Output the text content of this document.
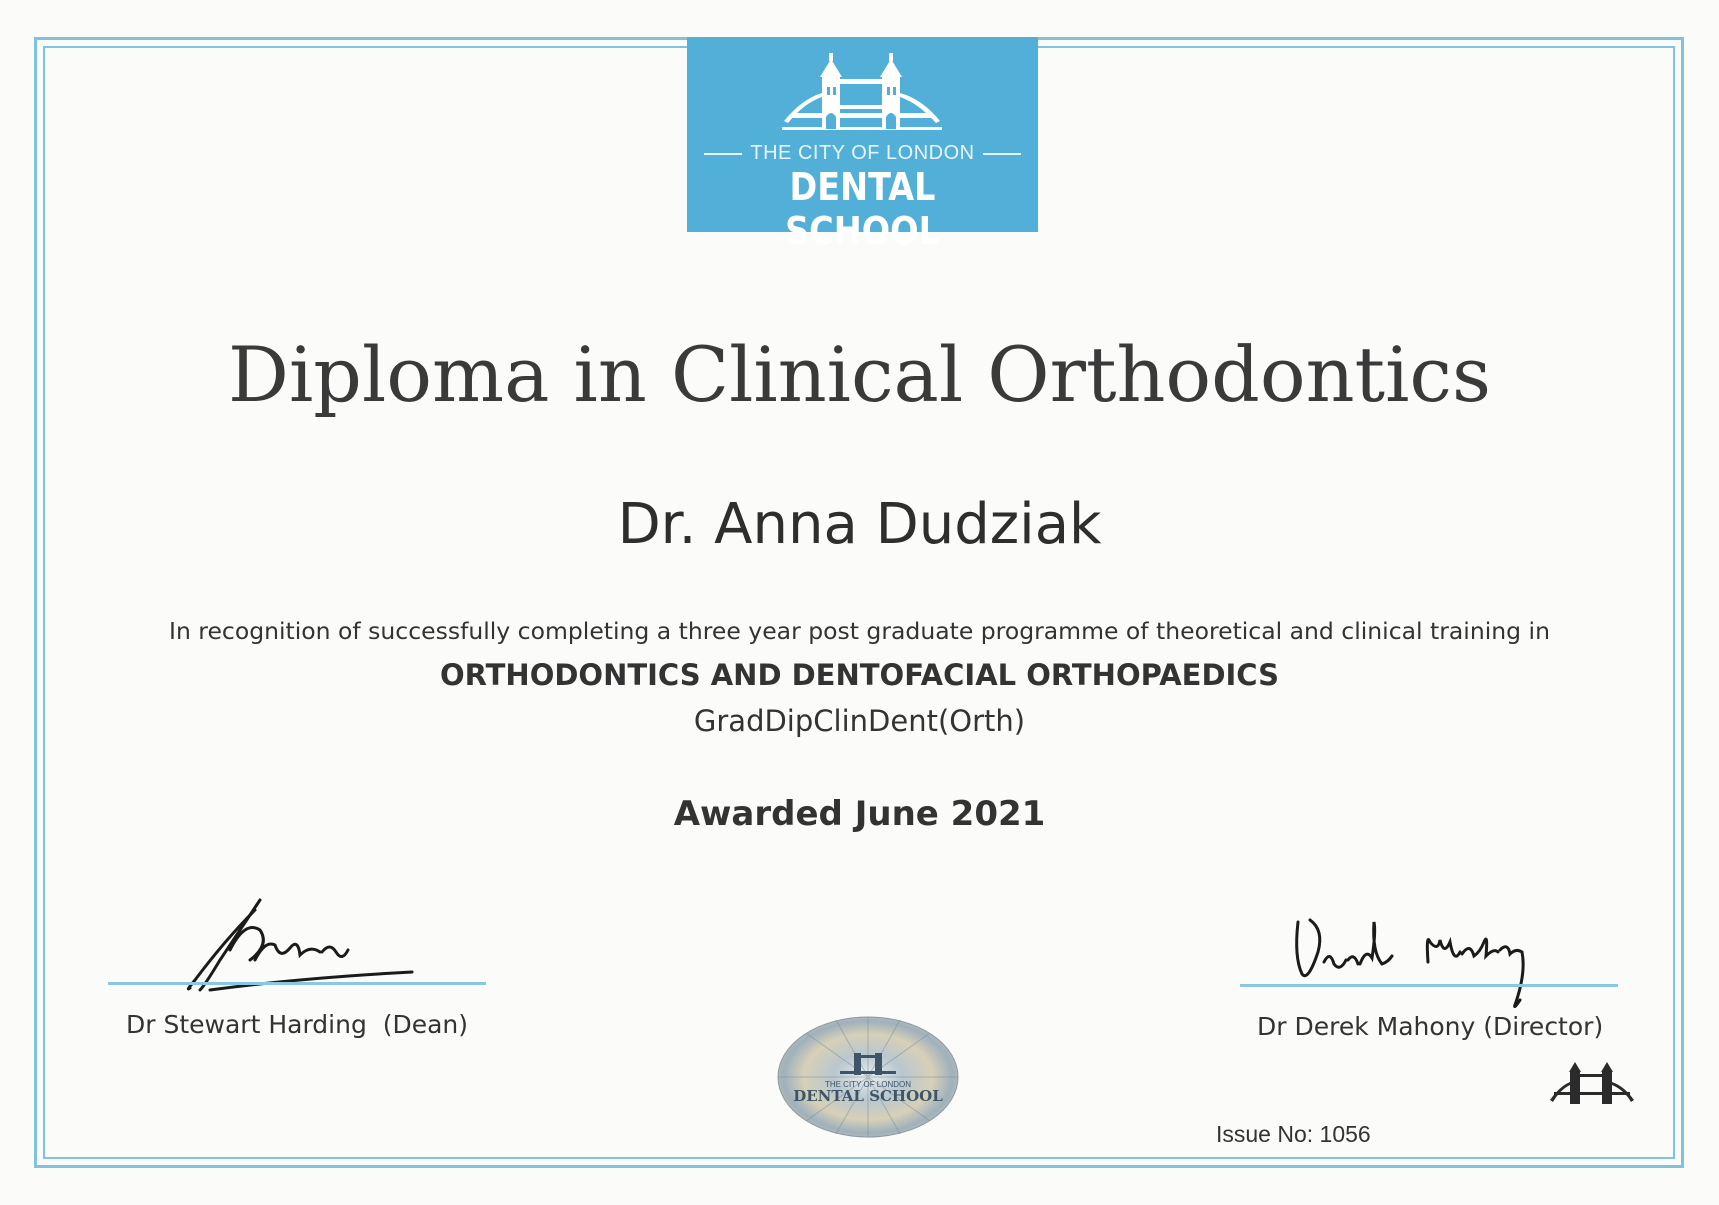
THE CITY OF LONDON
DENTAL SCHOOL
Diploma in Clinical Orthodontics
Dr. Anna Dudziak
In recognition of successfully completing a three year post graduate programme of theoretical and clinical training in
ORTHODONTICS AND DENTOFACIAL ORTHOPAEDICS
GradDipClinDent(Orth)
Awarded June 2021
Dr Stewart Harding  (Dean)	Dr Derek Mahony (Director)
THE CITY OF LONDON
DENTAL SCHOOL
Issue No: 1056
